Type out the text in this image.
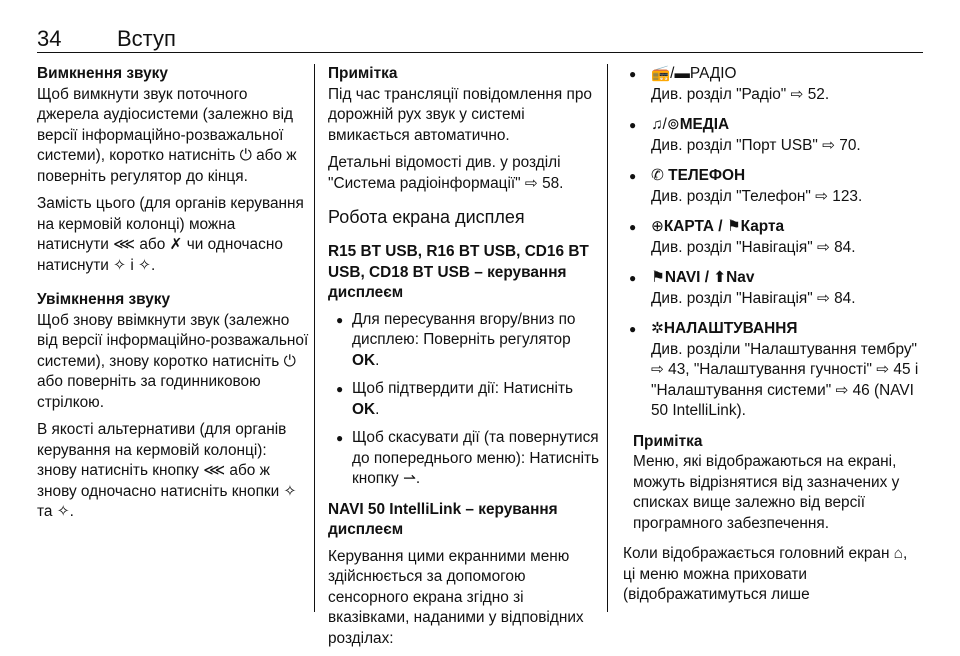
34	Вступ
Вимкнення звуку

Щоб вимкнути звук поточного джерела аудіосистеми (залежно від версії інформаційно-розважальної системи), коротко натисніть ⏻ або ж поверніть регулятор до кінця.

Замість цього (для органів керування на кермовій колонці) можна натиснути ⋘ або ✗ чи одночасно натиснути ✧ і ✧.

Увімкнення звуку

Щоб знову ввімкнути звук (залежно від версії інформаційно-розважальної системи), знову коротко натисніть ⏻ або поверніть за годинниковою стрілкою.

В якості альтернативи (для органів керування на кермовій колонці): знову натисніть кнопку ⋘ або ж знову одночасно натисніть кнопки ✧ та ✧.

Примітка

Під час трансляції повідомлення про дорожній рух звук у системі вмикається автоматично.

Детальні відомості див. у розділі "Система радіоінформації" ⇨ 58.

Робота екрана дисплея
R15 BT USB, R16 BT USB, CD16 BT USB, CD18 BT USB – керування дисплеєм
● Для пересування вгору/вниз по дисплею: Поверніть регулятор OK.
● Щоб підтвердити дії: Натисніть OK.
● Щоб скасувати дії (та повернутися до попереднього меню): Натисніть кнопку ⇀.
NAVI 50 IntelliLink – керування дисплеєм

Керування цими екранними меню здійснюється за допомогою сенсорного екрана згідно зі вказівками, наданими у відповідних розділах:

● 📻/▬РАДІО
Див. розділ "Радіо" ⇨ 52.
● ♫/⊚МЕДІА
Див. розділ "Порт USB" ⇨ 70.
● ✆ ТЕЛЕФОН
Див. розділ "Телефон" ⇨ 123.
● ⊕КАРТА / ⚑Карта
Див. розділ "Навігація" ⇨ 84.
● ⚑NAVI / ⬆Nav
Див. розділ "Навігація" ⇨ 84.
● ✲НАЛАШТУВАННЯ
Див. розділи "Налаштування тембру" ⇨ 43, "Налаштування гучності" ⇨ 45 і "Налаштування системи" ⇨ 46 (NAVI 50 IntelliLink).
Примітка
Меню, які відображаються на екрані, можуть відрізнятися від зазначених у списках вище залежно від версії програмного забезпечення.

Коли відображається головний екран ⌂, ці меню можна приховати (відображатимуться лише
